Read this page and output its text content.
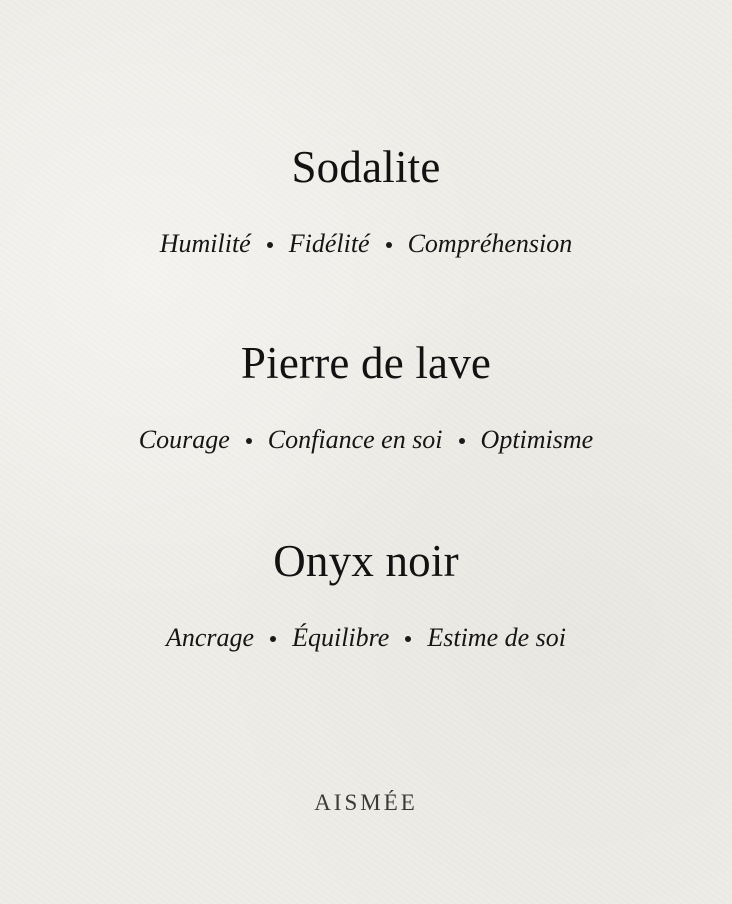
Sodalite
Humilité Fidélité Compréhension
Pierre de lave
Courage Confiance en soi Optimisme
Onyx noir
Ancrage Équilibre Estime de soi
AISMÉE
